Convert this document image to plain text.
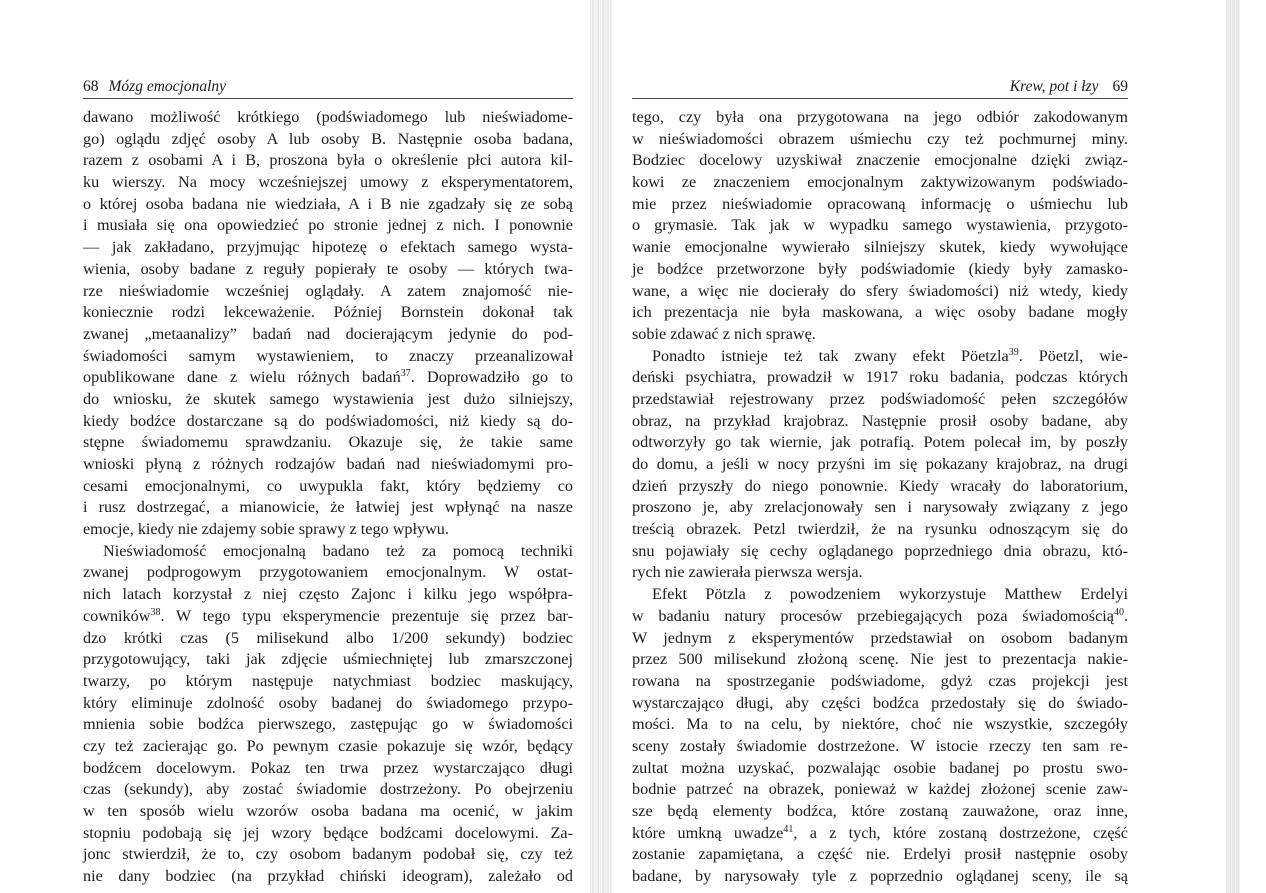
68 Mózg emocjonalny
dawano możliwość krótkiego (podświadomego lub nieświadome-
go) oglądu zdjęć osoby A lub osoby B. Następnie osoba badana,
razem z osobami A i B, proszona była o określenie płci autora kil-
ku wierszy. Na mocy wcześniejszej umowy z eksperymentatorem,
o której osoba badana nie wiedziała, A i B nie zgadzały się ze sobą
i musiała się ona opowiedzieć po stronie jednej z nich. I ponownie
— jak zakładano, przyjmując hipotezę o efektach samego wysta-
wienia, osoby badane z reguły popierały te osoby — których twa-
rze nieświadomie wcześniej oglądały. A zatem znajomość nie-
koniecznie rodzi lekceważenie. Później Bornstein dokonał tak
zwanej „metaanalizy” badań nad docierającym jedynie do pod-
świadomości samym wystawieniem, to znaczy przeanalizował
opublikowane dane z wielu różnych badań$^{37}$. Doprowadziło go to
do wniosku, że skutek samego wystawienia jest dużo silniejszy,
kiedy bodźce dostarczane są do podświadomości, niż kiedy są do-
stępne świadomemu sprawdzaniu. Okazuje się, że takie same
wnioski płyną z różnych rodzajów badań nad nieświadomymi pro-
cesami emocjonalnymi, co uwypukla fakt, który będziemy co
i rusz dostrzegać, a mianowicie, że łatwiej jest wpłynąć na nasze
emocje, kiedy nie zdajemy sobie sprawy z tego wpływu.
Nieświadomość emocjonalną badano też za pomocą techniki
zwanej podprogowym przygotowaniem emocjonalnym. W ostat-
nich latach korzystał z niej często Zajonc i kilku jego współpra-
cowników$^{38}$. W tego typu eksperymencie prezentuje się przez bar-
dzo krótki czas (5 milisekund albo 1/200 sekundy) bodziec
przygotowujący, taki jak zdjęcie uśmiechniętej lub zmarszczonej
twarzy, po którym następuje natychmiast bodziec maskujący,
który eliminuje zdolność osoby badanej do świadomego przypo-
mnienia sobie bodźca pierwszego, zastępując go w świadomości
czy też zacierając go. Po pewnym czasie pokazuje się wzór, będący
bodźcem docelowym. Pokaz ten trwa przez wystarczająco długi
czas (sekundy), aby zostać świadomie dostrzeżony. Po obejrzeniu
w ten sposób wielu wzorów osoba badana ma ocenić, w jakim
stopniu podobają się jej wzory będące bodźcami docelowymi. Za-
jonc stwierdził, że to, czy osobom badanym podobał się, czy też
nie dany bodziec (na przykład chiński ideogram), zależało od
Krew, pot i łzy 69
tego, czy była ona przygotowana na jego odbiór zakodowanym
w nieświadomości obrazem uśmiechu czy też pochmurnej miny.
Bodziec docelowy uzyskiwał znaczenie emocjonalne dzięki związ-
kowi ze znaczeniem emocjonalnym zaktywizowanym podświado-
mie przez nieświadomie opracowaną informację o uśmiechu lub
o grymasie. Tak jak w wypadku samego wystawienia, przygoto-
wanie emocjonalne wywierało silniejszy skutek, kiedy wywołujące
je bodźce przetworzone były podświadomie (kiedy były zamasko-
wane, a więc nie docierały do sfery świadomości) niż wtedy, kiedy
ich prezentacja nie była maskowana, a więc osoby badane mogły
sobie zdawać z nich sprawę.
Ponadto istnieje też tak zwany efekt Pöetzla$^{39}$. Pöetzl, wie-
deński psychiatra, prowadził w 1917 roku badania, podczas których
przedstawiał rejestrowany przez podświadomość pełen szczegółów
obraz, na przykład krajobraz. Następnie prosił osoby badane, aby
odtworzyły go tak wiernie, jak potrafią. Potem polecał im, by poszły
do domu, a jeśli w nocy przyśni im się pokazany krajobraz, na drugi
dzień przyszły do niego ponownie. Kiedy wracały do laboratorium,
proszono je, aby zrelacjonowały sen i narysowały związany z jego
treścią obrazek. Petzl twierdził, że na rysunku odnoszącym się do
snu pojawiały się cechy oglądanego poprzedniego dnia obrazu, któ-
rych nie zawierała pierwsza wersja.
Efekt Pötzla z powodzeniem wykorzystuje Matthew Erdelyi
w badaniu natury procesów przebiegających poza świadomością$^{40}$.
W jednym z eksperymentów przedstawiał on osobom badanym
przez 500 milisekund złożoną scenę. Nie jest to prezentacja nakie-
rowana na spostrzeganie podświadome, gdyż czas projekcji jest
wystarczająco długi, aby części bodźca przedostały się do świado-
mości. Ma to na celu, by niektóre, choć nie wszystkie, szczegóły
sceny zostały świadomie dostrzeżone. W istocie rzeczy ten sam re-
zultat można uzyskać, pozwalając osobie badanej po prostu swo-
bodnie patrzeć na obrazek, ponieważ w każdej złożonej scenie zaw-
sze będą elementy bodźca, które zostaną zauważone, oraz inne,
które umkną uwadze$^{41}$, a z tych, które zostaną dostrzeżone, część
zostanie zapamiętana, a część nie. Erdelyi prosił następnie osoby
badane, by narysowały tyle z poprzednio oglądanej sceny, ile są
